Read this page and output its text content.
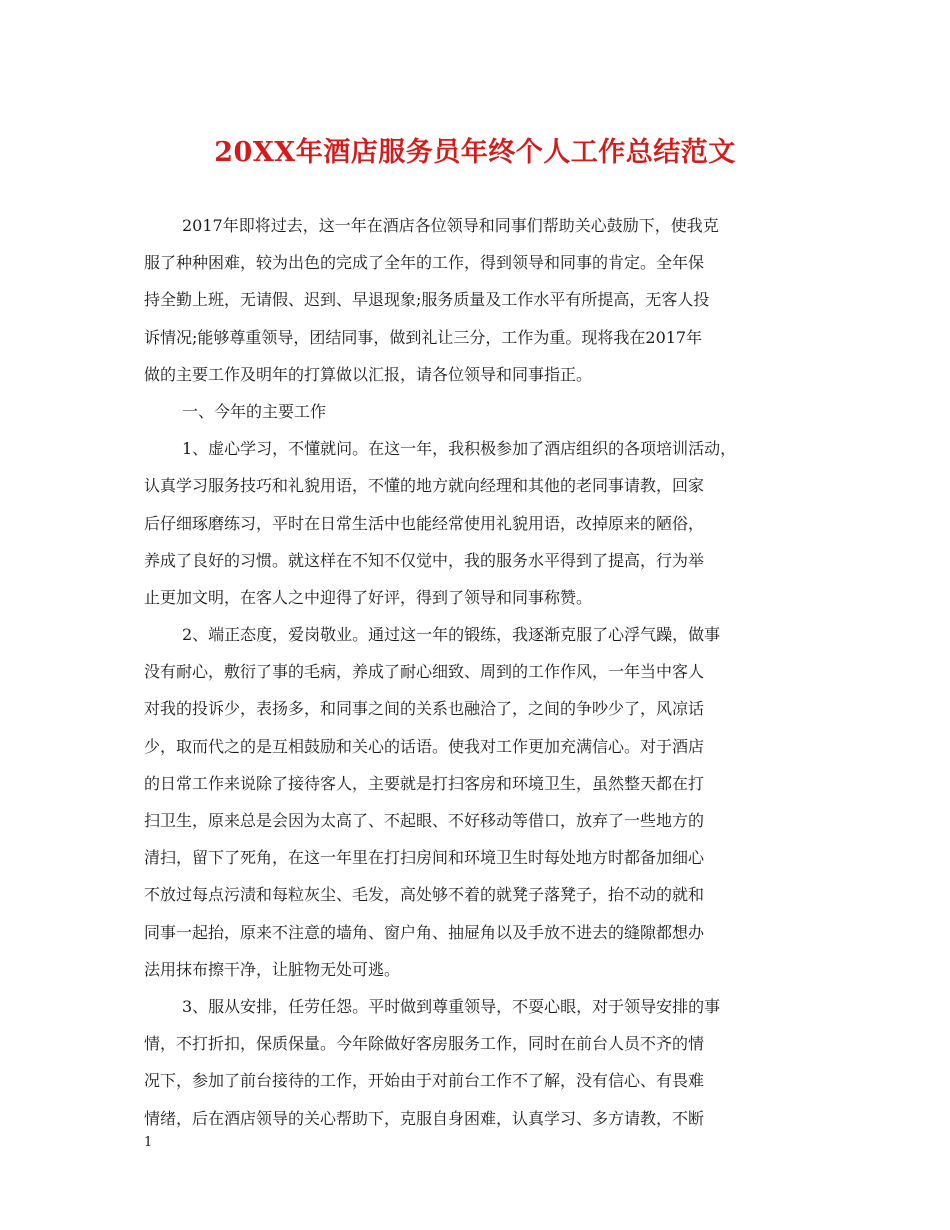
20XX年酒店服务员年终个人工作总结范文
2017年即将过去，这一年在酒店各位领导和同事们帮助关心鼓励下，使我克
服了种种困难，较为出色的完成了全年的工作，得到领导和同事的肯定。全年保
持全勤上班，无请假、迟到、早退现象;服务质量及工作水平有所提高，无客人投
诉情况;能够尊重领导，团结同事，做到礼让三分，工作为重。现将我在2017年
做的主要工作及明年的打算做以汇报，请各位领导和同事指正。
一、今年的主要工作
1、虚心学习，不懂就问。在这一年，我积极参加了酒店组织的各项培训活动，
认真学习服务技巧和礼貌用语，不懂的地方就向经理和其他的老同事请教，回家
后仔细琢磨练习，平时在日常生活中也能经常使用礼貌用语，改掉原来的陋俗，
养成了良好的习惯。就这样在不知不仅觉中，我的服务水平得到了提高，行为举
止更加文明，在客人之中迎得了好评，得到了领导和同事称赞。
2、端正态度，爱岗敬业。通过这一年的锻练，我逐渐克服了心浮气躁，做事
没有耐心，敷衍了事的毛病，养成了耐心细致、周到的工作作风，一年当中客人
对我的投诉少，表扬多，和同事之间的关系也融洽了，之间的争吵少了，风凉话
少，取而代之的是互相鼓励和关心的话语。使我对工作更加充满信心。对于酒店
的日常工作来说除了接待客人，主要就是打扫客房和环境卫生，虽然整天都在打
扫卫生，原来总是会因为太高了、不起眼、不好移动等借口，放弃了一些地方的
清扫，留下了死角，在这一年里在打扫房间和环境卫生时每处地方时都备加细心
不放过每点污渍和每粒灰尘、毛发，高处够不着的就凳子落凳子，抬不动的就和
同事一起抬，原来不注意的墙角、窗户角、抽屉角以及手放不进去的缝隙都想办
法用抹布擦干净，让脏物无处可逃。
3、服从安排，任劳任怨。平时做到尊重领导，不耍心眼，对于领导安排的事
情，不打折扣，保质保量。今年除做好客房服务工作，同时在前台人员不齐的情
况下，参加了前台接待的工作，开始由于对前台工作不了解，没有信心、有畏难
情绪，后在酒店领导的关心帮助下，克服自身困难，认真学习、多方请教，不断
1
